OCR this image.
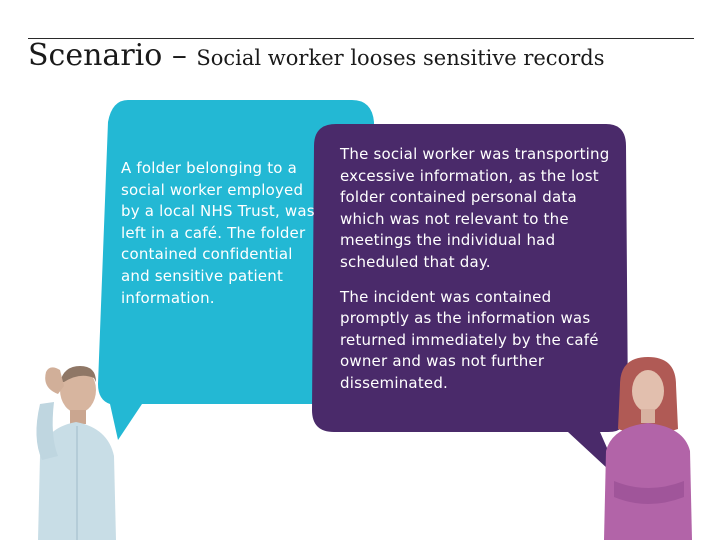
Scenario – Social worker looses sensitive records
A folder belonging to a social worker employed by a local NHS Trust, was left in a café. The folder contained confidential and sensitive patient information.

The social worker was transporting excessive information, as the lost folder contained personal data which was not relevant to the meetings the individual had scheduled that day.

The incident was contained promptly as the information was returned immediately by the café owner and was not further disseminated.
